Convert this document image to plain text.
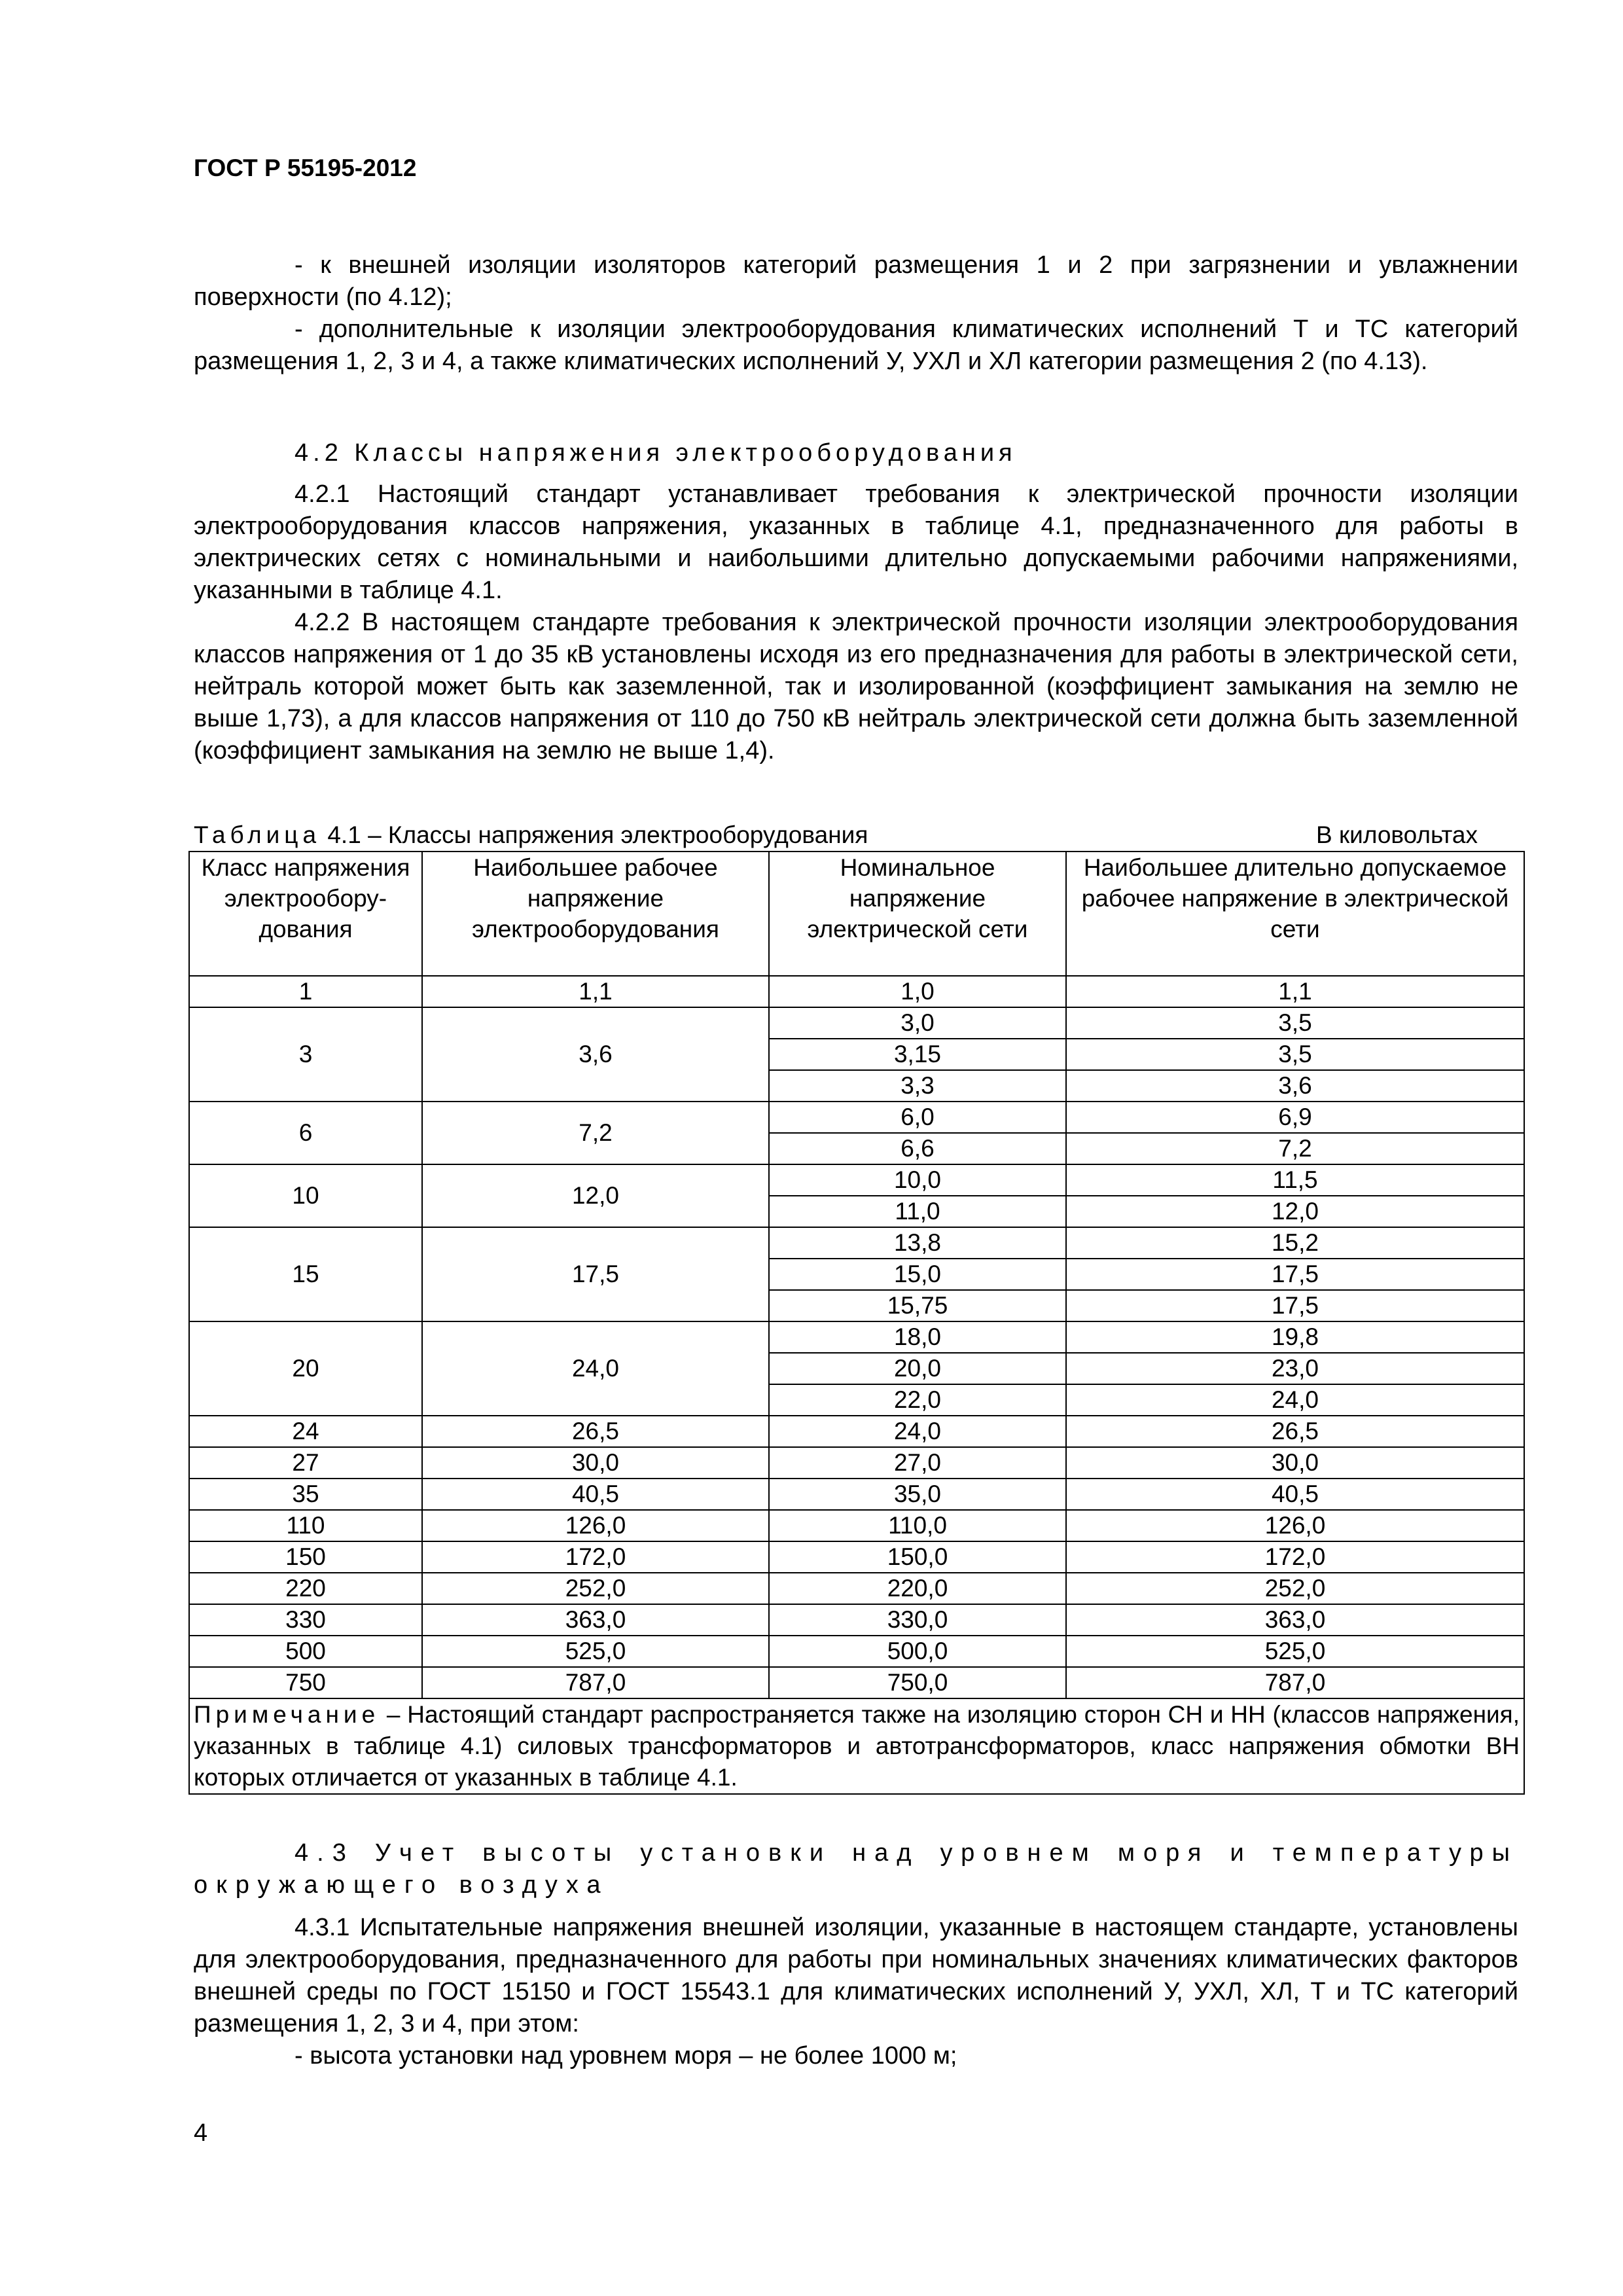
ГОСТ Р 55195-2012
- к внешней изоляции изоляторов категорий размещения 1 и 2 при загрязнении и увлажнении поверхности (по 4.12);
- дополнительные к изоляции электрооборудования климатических исполнений Т и ТС категорий размещения 1, 2, 3 и 4, а также климатических исполнений У, УХЛ и ХЛ категории размещения 2 (по 4.13).
4.2 Классы напряжения электрооборудования
4.2.1 Настоящий стандарт устанавливает требования к электрической прочности изоляции электрооборудования классов напряжения, указанных в таблице 4.1, предназначенного для работы в электрических сетях с номинальными и наибольшими длительно допускаемыми рабочими напряжениями, указанными в таблице 4.1.
4.2.2 В настоящем стандарте требования к электрической прочности изоляции электрооборудования классов напряжения от 1 до 35 кВ установлены исходя из его предназначения для работы в электрической сети, нейтраль которой может быть как заземленной, так и изолированной (коэффициент замыкания на землю не выше 1,73), а для классов напряжения от 110 до 750 кВ нейтраль электрической сети должна быть заземленной (коэффициент замыкания на землю не выше 1,4).
Таблица 4.1 – Классы напряжения электрооборудования	В киловольтах
Класс напряжения электрообору-дования	Наибольшее рабочее напряжение электрооборудования	Номинальное напряжение электрической сети	Наибольшее длительно допускаемое рабочее напряжение в электрической сети
1	1,1	1,0	1,1
3	3,6	3,0	3,5
		3,15	3,5
		3,3	3,6
6	7,2	6,0	6,9
		6,6	7,2
10	12,0	10,0	11,5
		11,0	12,0
15	17,5	13,8	15,2
		15,0	17,5
		15,75	17,5
20	24,0	18,0	19,8
		20,0	23,0
		22,0	24,0
24	26,5	24,0	26,5
27	30,0	27,0	30,0
35	40,5	35,0	40,5
110	126,0	110,0	126,0
150	172,0	150,0	172,0
220	252,0	220,0	252,0
330	363,0	330,0	363,0
500	525,0	500,0	525,0
750	787,0	750,0	787,0
Примечание – Настоящий стандарт распространяется также на изоляцию сторон СН и НН (классов напряжения, указанных в таблице 4.1) силовых трансформаторов и автотрансформаторов, класс напряжения обмотки ВН которых отличается от указанных в таблице 4.1.			
4.3 Учет высоты установки над уровнем моря и температуры окружающего воздуха
4.3.1 Испытательные напряжения внешней изоляции, указанные в настоящем стандарте, установлены для электрооборудования, предназначенного для работы при номинальных значениях климатических факторов внешней среды по ГОСТ 15150 и ГОСТ 15543.1 для климатических исполнений У, УХЛ, ХЛ, Т и ТС категорий размещения 1, 2, 3 и 4, при этом:
- высота установки над уровнем моря – не более 1000 м;
4
